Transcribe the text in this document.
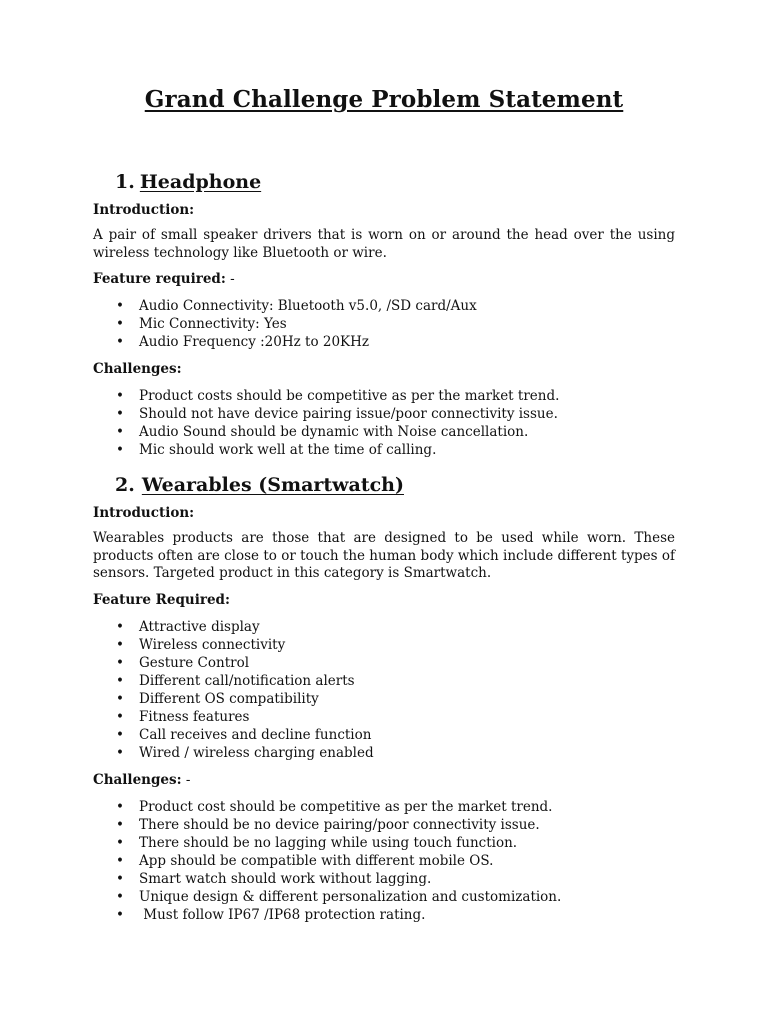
Grand Challenge Problem Statement
1. Headphone

Introduction:

A pair of small speaker drivers that is worn on or around the head over the using wireless technology like Bluetooth or wire.

Feature required: -

• Audio Connectivity: Bluetooth v5.0, /SD card/Aux
• Mic Connectivity: Yes
• Audio Frequency :20Hz to 20KHz

Challenges:

• Product costs should be competitive as per the market trend.
• Should not have device pairing issue/poor connectivity issue.
• Audio Sound should be dynamic with Noise cancellation.
• Mic should work well at the time of calling.
2. Wearables (Smartwatch)

Introduction:

Wearables products are those that are designed to be used while worn. These products often are close to or touch the human body which include different types of sensors. Targeted product in this category is Smartwatch.

Feature Required:

• Attractive display
• Wireless connectivity
• Gesture Control
• Different call/notification alerts
• Different OS compatibility
• Fitness features
• Call receives and decline function
• Wired / wireless charging enabled

Challenges: -

• Product cost should be competitive as per the market trend.
• There should be no device pairing/poor connectivity issue.
• There should be no lagging while using touch function.
• App should be compatible with different mobile OS.
• Smart watch should work without lagging.
• Unique design & different personalization and customization.
• Must follow IP67 /IP68 protection rating.
